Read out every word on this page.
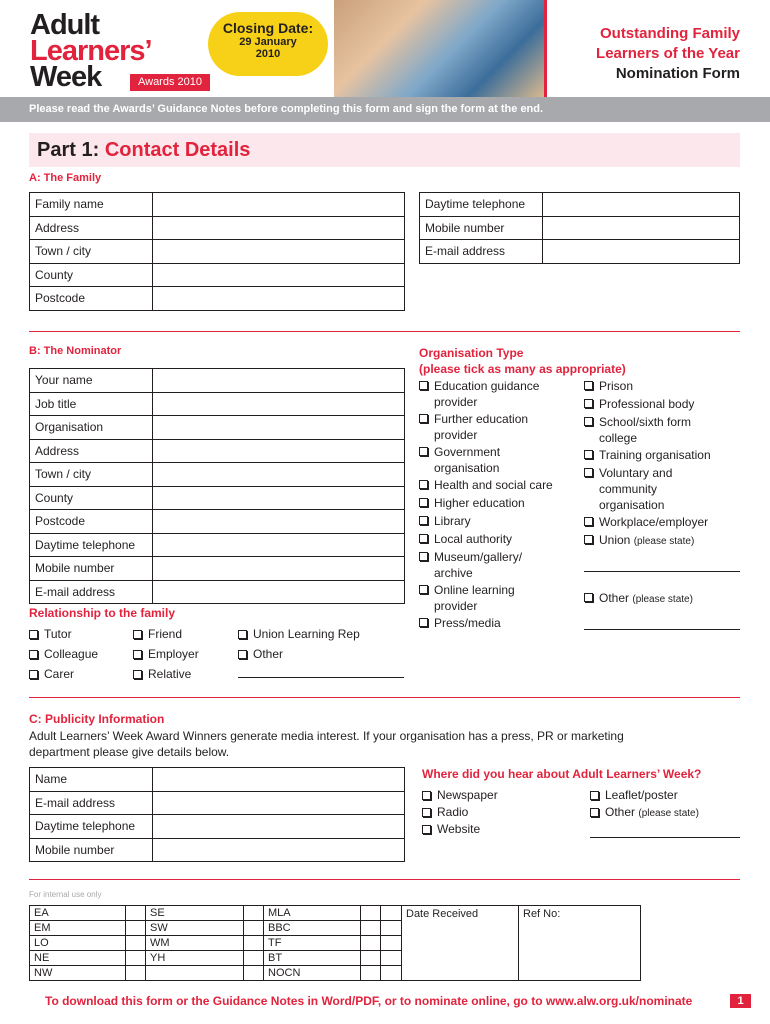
Adult
Learners’
Week	Awards 2010
Closing Date:
29 January
2010
Outstanding Family
Learners of the Year
Nomination Form
Please read the Awards’ Guidance Notes before completing this form and sign the form at the end.
Part 1: Contact Details
A: The Family
Family name	
Address	
Town / city	
County	
Postcode	
Daytime telephone	
Mobile number	
E-mail address	
B: The Nominator
Your name	
Job title	
Organisation	
Address	
Town / city	
County	
Postcode	
Daytime telephone	
Mobile number	
E-mail address	
Relationship to the family
Tutor
Colleague
Carer
Friend
Employer
Relative
Union Learning Rep
Other
Organisation Type
(please tick as many as appropriate)
Education guidance
provider
Further education
provider
Government
organisation
Health and social care
Higher education
Library
Local authority
Museum/gallery/
archive
Online learning
provider
Press/media
Prison
Professional body
School/sixth form
college
Training organisation
Voluntary and
community
organisation
Workplace/employer
Union (please state)
Other (please state)
C: Publicity Information
Adult Learners’ Week Award Winners generate media interest. If your organisation has a press, PR or marketing
department please give details below.
Name	
E-mail address	
Daytime telephone	
Mobile number	
Where did you hear about Adult Learners’ Week?
Newspaper
Radio
Website
Leaflet/poster
Other (please state)
For internal use only
EA		SE		MLA			Date Received	Ref No:
EM		SW		BBC				
LO		WM		TF				
NE		YH		BT				
NW				NOCN				
To download this form or the Guidance Notes in Word/PDF, or to nominate online, go to www.alw.org.uk/nominate	1
